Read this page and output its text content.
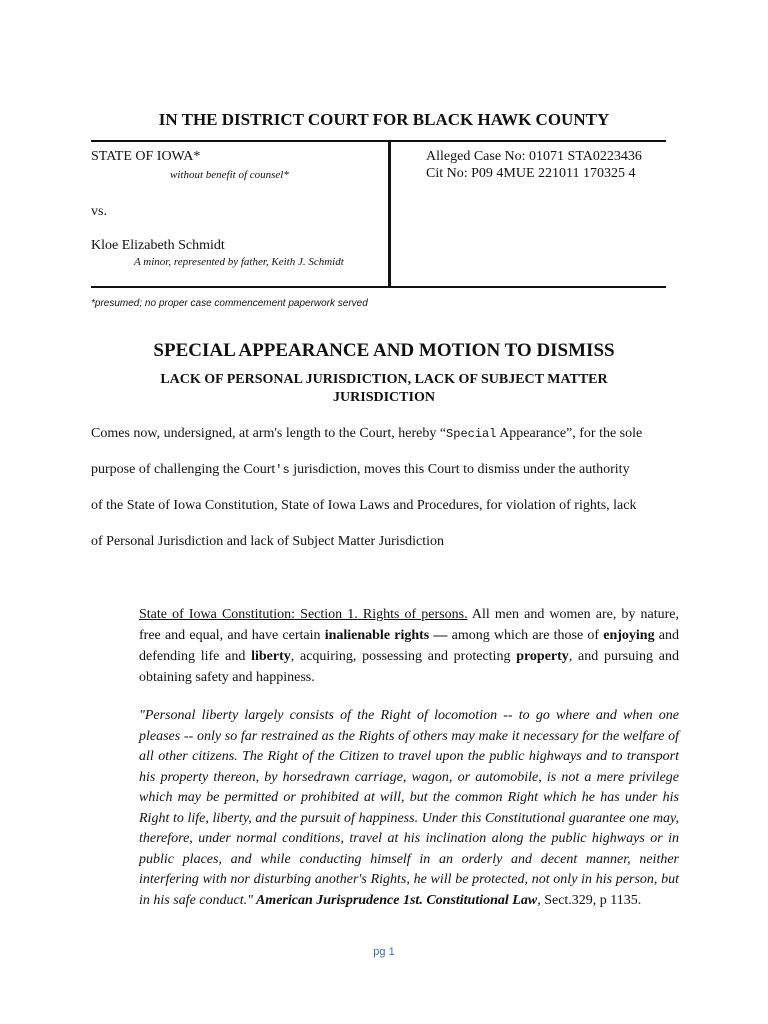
IN THE DISTRICT COURT FOR BLACK HAWK COUNTY
STATE OF IOWA*
without benefit of counsel*
vs.
Kloe Elizabeth Schmidt
A minor, represented by father, Keith J. Schmidt
Alleged Case No: 01071 STA0223436
Cit No: P09 4MUE 221011 170325 4
*presumed; no proper case commencement paperwork served
SPECIAL APPEARANCE AND MOTION TO DISMISS
LACK OF PERSONAL JURISDICTION, LACK OF SUBJECT MATTER
JURISDICTION
Comes now, undersigned, at arm's length to the Court, hereby “Special Appearance”, for the sole
purpose of challenging the Court's jurisdiction, moves this Court to dismiss under the authority
of the State of Iowa Constitution, State of Iowa Laws and Procedures, for violation of rights, lack
of Personal Jurisdiction and lack of Subject Matter Jurisdiction
State of Iowa Constitution: Section 1. Rights of persons. All men and women are, by nature, free and equal, and have certain inalienable rights — among which are those of enjoying and defending life and liberty, acquiring, possessing and protecting property, and pursuing and obtaining safety and happiness.
"Personal liberty largely consists of the Right of locomotion -- to go where and when one pleases -- only so far restrained as the Rights of others may make it necessary for the welfare of all other citizens. The Right of the Citizen to travel upon the public highways and to transport his property thereon, by horsedrawn carriage, wagon, or automobile, is not a mere privilege which may be permitted or prohibited at will, but the common Right which he has under his Right to life, liberty, and the pursuit of happiness. Under this Constitutional guarantee one may, therefore, under normal conditions, travel at his inclination along the public highways or in public places, and while conducting himself in an orderly and decent manner, neither interfering with nor disturbing another's Rights, he will be protected, not only in his person, but in his safe conduct." American Jurisprudence 1st. Constitutional Law, Sect.329, p 1135.
pg 1
